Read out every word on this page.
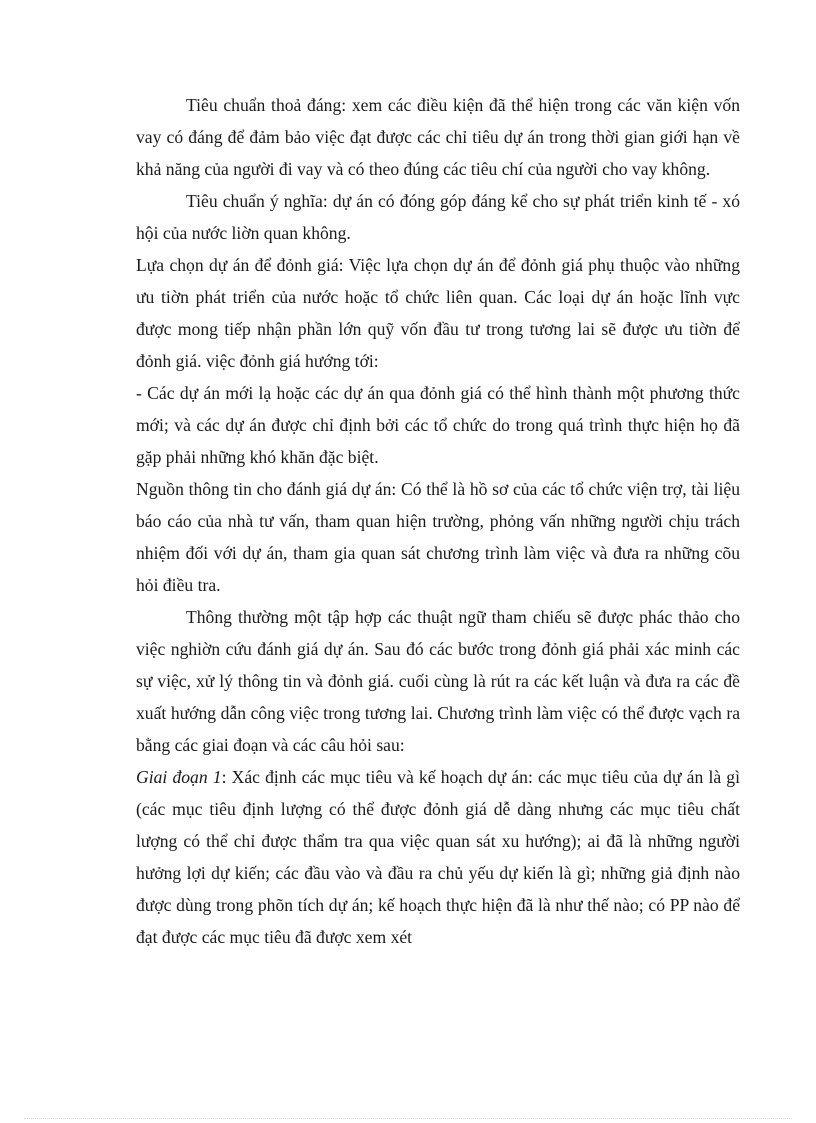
Tiêu chuẩn thoả đáng: xem các điều kiện đã thể hiện trong các văn kiện vốn vay có đáng để đảm bảo việc đạt được các chỉ tiêu dự án trong thời gian giới hạn về khả năng của người đi vay và có theo đúng các tiêu chí của người cho vay không.

Tiêu chuẩn ý nghĩa: dự án có đóng góp đáng kể cho sự phát triển kinh tế - xó hội của nước liờn quan không.

Lựa chọn dự án để đỏnh giá: Việc lựa chọn dự án để đỏnh giá phụ thuộc vào những ưu tiờn phát triển của nước hoặc tổ chức liên quan. Các loại dự án hoặc lĩnh vực được mong tiếp nhận phần lớn quỹ vốn đầu tư trong tương lai sẽ được ưu tiờn để đỏnh giá. việc đỏnh giá hướng tới:

- Các dự án mới lạ hoặc các dự án qua đỏnh giá có thể hình thành một phương thức mới; và các dự án được chỉ định bởi các tổ chức do trong quá trình thực hiện họ đã gặp phải những khó khăn đặc biệt.

Nguồn thông tin cho đánh giá dự án: Có thể là hồ sơ của các tổ chức viện trợ, tài liệu báo cáo của nhà tư vấn, tham quan hiện trường, phỏng vấn những người chịu trách nhiệm đối với dự án, tham gia quan sát chương trình làm việc và đưa ra những cõu hỏi điều tra.

Thông thường một tập hợp các thuật ngữ tham chiếu sẽ được phác thảo cho việc nghiờn cứu đánh giá dự án. Sau đó các bước trong đỏnh giá phải xác minh các sự việc, xử lý thông tin và đỏnh giá. cuối cùng là rút ra các kết luận và đưa ra các đề xuất hướng dẫn công việc trong tương lai. Chương trình làm việc có thể được vạch ra bằng các giai đoạn và các câu hỏi sau:

Giai đoạn 1: Xác định các mục tiêu và kế hoạch dự án: các mục tiêu của dự án là gì (các mục tiêu định lượng có thể được đỏnh giá dễ dàng nhưng các mục tiêu chất lượng có thể chỉ được thẩm tra qua việc quan sát xu hướng); ai đã là những người hưởng lợi dự kiến; các đầu vào và đầu ra chủ yếu dự kiến là gì; những giả định nào được dùng trong phõn tích dự án; kế hoạch thực hiện đã là như thế nào; có PP nào để đạt được các mục tiêu đã được xem xét
